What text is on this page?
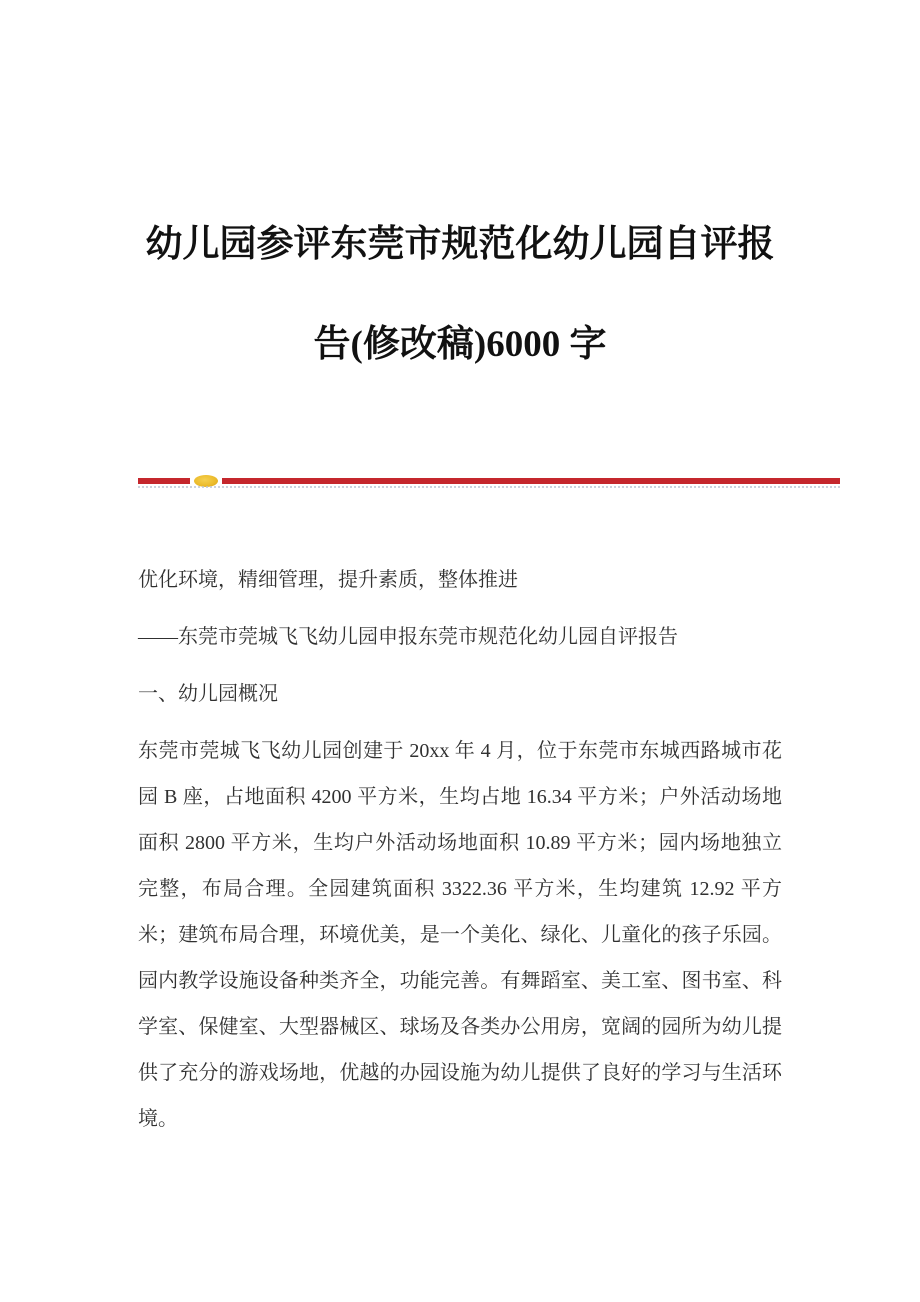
幼儿园参评东莞市规范化幼儿园自评报告(修改稿)6000 字

优化环境，精细管理，提升素质，整体推进

——东莞市莞城飞飞幼儿园申报东莞市规范化幼儿园自评报告

一、幼儿园概况

东莞市莞城飞飞幼儿园创建于 20xx 年 4 月，位于东莞市东城西路城市花园 B 座，占地面积 4200 平方米，生均占地 16.34 平方米；户外活动场地面积 2800 平方米，生均户外活动场地面积 10.89 平方米；园内场地独立完整，布局合理。全园建筑面积 3322.36 平方米，生均建筑 12.92 平方米；建筑布局合理，环境优美，是一个美化、绿化、儿童化的孩子乐园。园内教学设施设备种类齐全，功能完善。有舞蹈室、美工室、图书室、科学室、保健室、大型器械区、球场及各类办公用房，宽阔的园所为幼儿提供了充分的游戏场地，优越的办园设施为幼儿提供了良好的学习与生活环境。
